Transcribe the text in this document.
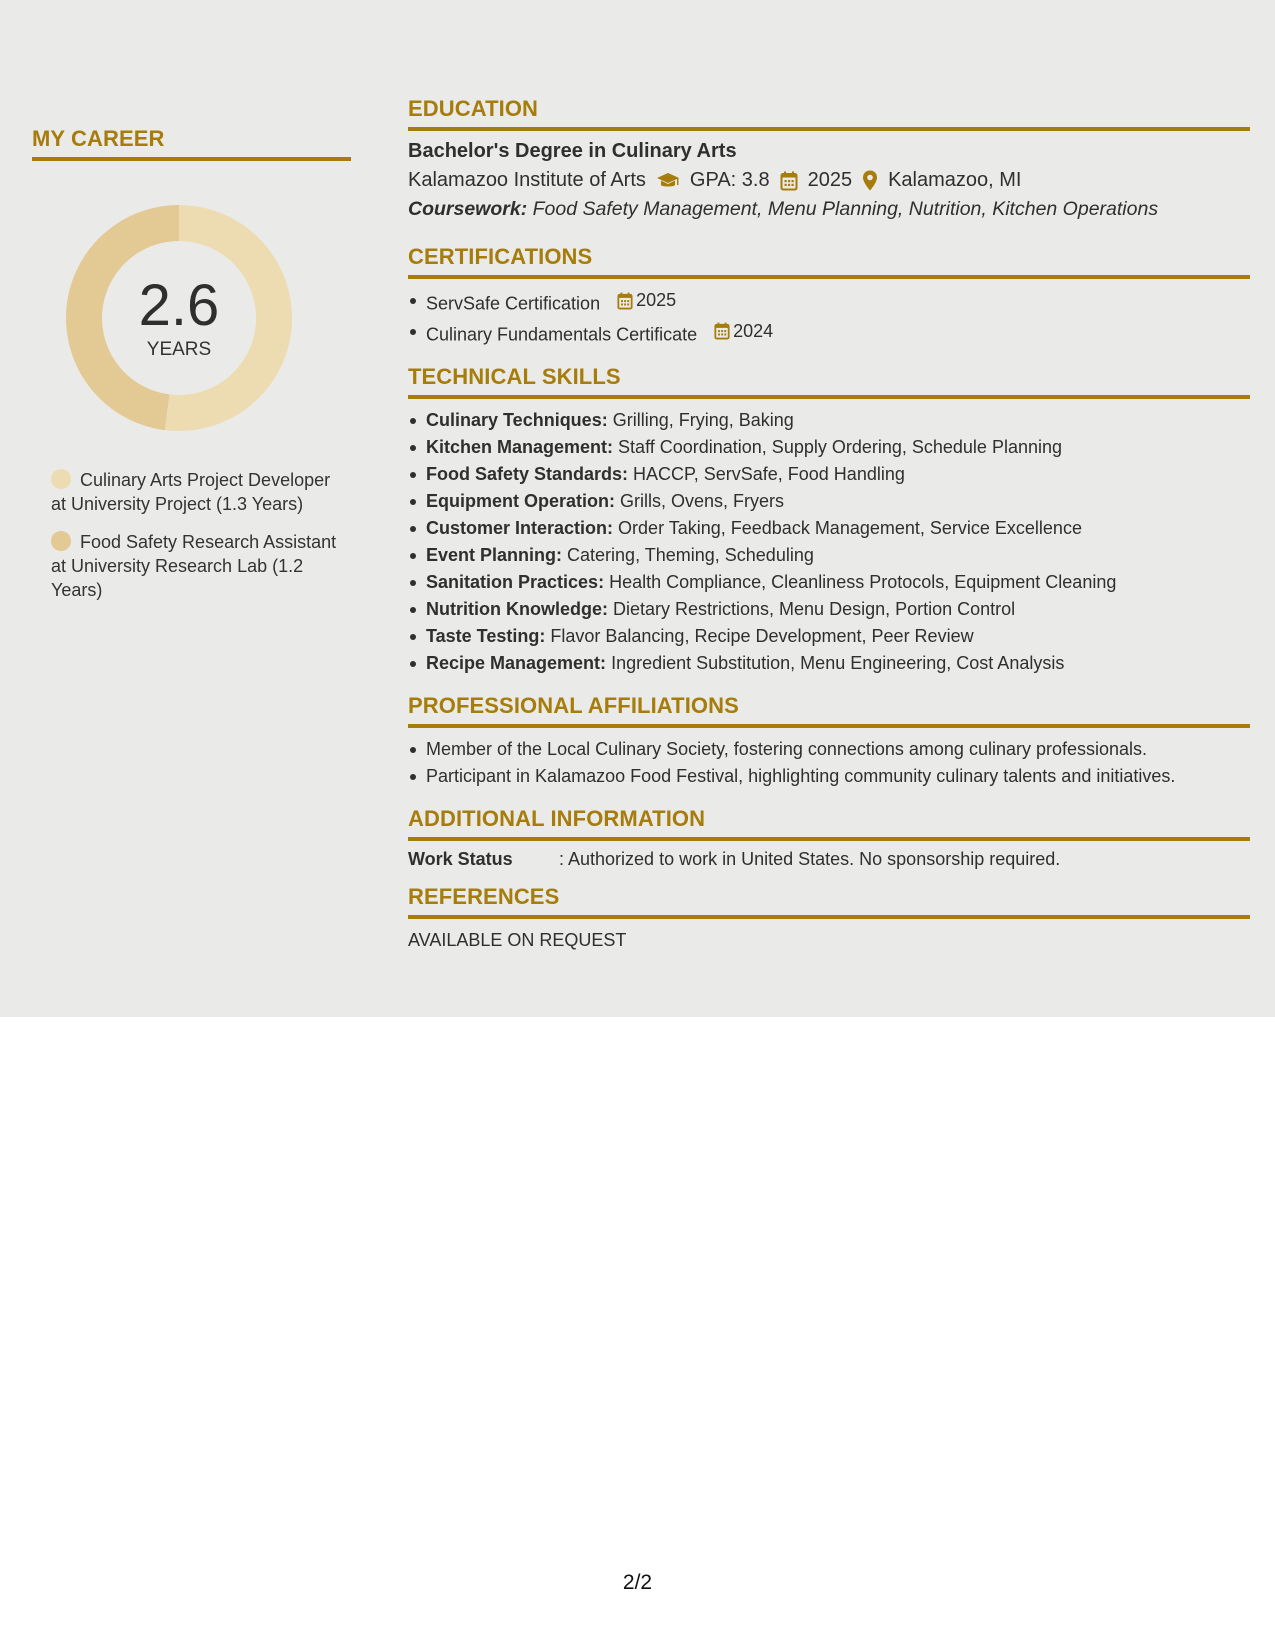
MY CAREER
2.6
YEARS
Culinary Arts Project Developer at University Project (1.3 Years)
Food Safety Research Assistant at University Research Lab (1.2 Years)
EDUCATION
Bachelor's Degree in Culinary Arts
Kalamazoo Institute of Arts GPA: 3.8 2025 Kalamazoo, MI
Coursework: Food Safety Management, Menu Planning, Nutrition, Kitchen Operations
CERTIFICATIONS
ServSafe Certification 2025
Culinary Fundamentals Certificate 2024
TECHNICAL SKILLS
Culinary Techniques: Grilling, Frying, Baking
Kitchen Management: Staff Coordination, Supply Ordering, Schedule Planning
Food Safety Standards: HACCP, ServSafe, Food Handling
Equipment Operation: Grills, Ovens, Fryers
Customer Interaction: Order Taking, Feedback Management, Service Excellence
Event Planning: Catering, Theming, Scheduling
Sanitation Practices: Health Compliance, Cleanliness Protocols, Equipment Cleaning
Nutrition Knowledge: Dietary Restrictions, Menu Design, Portion Control
Taste Testing: Flavor Balancing, Recipe Development, Peer Review
Recipe Management: Ingredient Substitution, Menu Engineering, Cost Analysis
PROFESSIONAL AFFILIATIONS
Member of the Local Culinary Society, fostering connections among culinary professionals.
Participant in Kalamazoo Food Festival, highlighting community culinary talents and initiatives.
ADDITIONAL INFORMATION
Work Status	: Authorized to work in United States. No sponsorship required.
REFERENCES
AVAILABLE ON REQUEST
2/2
